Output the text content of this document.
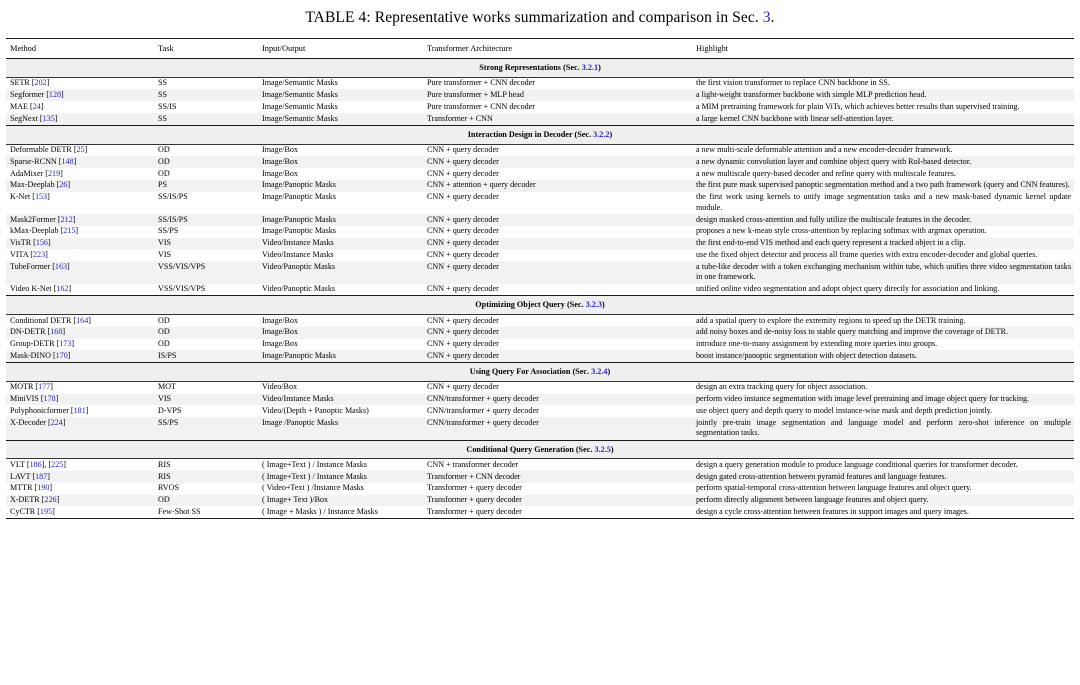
TABLE 4: Representative works summarization and comparison in Sec. 3.

Method	Task	Input/Output	Transformer Architecture	Highlight

Strong Representations (Sec. 3.2.1)				

SETR [202]	SS	Image/Semantic Masks	Pure transformer + CNN decoder	the first vision transformer to replace CNN backbone in SS.
Segformer [128]	SS	Image/Semantic Masks	Pure transformer + MLP head	a light-weight transformer backbone with simple MLP prediction head.
MAE [24]	SS/IS	Image/Semantic Masks	Pure transformer + CNN decoder	a MIM pretraining framework for plain ViTs, which achieves better results than supervised training.
SegNext [135]	SS	Image/Semantic Masks	Transformer + CNN	a large kernel CNN backbone with linear self-attention layer.

Interaction Design in Decoder (Sec. 3.2.2)				

Deformable DETR [25]	OD	Image/Box	CNN + query decoder	a new multi-scale deformable attention and a new encoder-decoder framework.
Sparse-RCNN [148]	OD	Image/Box	CNN + query decoder	a new dynamic convolution layer and combine object query with RoI-based detector.
AdaMixer [219]	OD	Image/Box	CNN + query decoder	a new multiscale query-based decoder and refine query with multiscale features.
Max-Deeplab [26]	PS	Image/Panoptic Masks	CNN + attention + query decoder	the first pure mask supervised panoptic segmentation method and a two path framework (query and CNN features).
K-Net [153]	SS/IS/PS	Image/Panoptic Masks	CNN + query decoder	the first work using kernels to unify image segmentation tasks and a new mask-based dynamic kernel update module.
Mask2Former [212]	SS/IS/PS	Image/Panoptic Masks	CNN + query decoder	design masked cross-attention and fully utilize the multiscale features in the decoder.
kMax-Deeplab [215]	SS/PS	Image/Panoptic Masks	CNN + query decoder	proposes a new k-mean style cross-attention by replacing softmax with argmax operation.
VisTR [156]	VIS	Video/Instance Masks	CNN + query decoder	the first end-to-end VIS method and each query represent a tracked object in a clip.
VITA [223]	VIS	Video/Instance Masks	CNN + query decoder	use the fixed object detector and process all frame queries with extra encoder-decoder and global queries.
TubeFormer [163]	VSS/VIS/VPS	Video/Panoptic Masks	CNN + query decoder	a tube-like decoder with a token exchanging mechanism within tube, which unifies three video segmentation tasks in one framework.
Video K-Net [162]	VSS/VIS/VPS	Video/Panoptic Masks	CNN + query decoder	unified online video segmentation and adopt object query directly for association and linking.

Optimizing Object Query (Sec. 3.2.3)				

Conditional DETR [164]	OD	Image/Box	CNN + query decoder	add a spatial query to explore the extremity regions to speed up the DETR training.
DN-DETR [168]	OD	Image/Box	CNN + query decoder	add noisy boxes and de-noisy loss to stable query matching and improve the coverage of DETR.
Group-DETR [173]	OD	Image/Box	CNN + query decoder	introduce one-to-many assignment by extending more queries into groups.
Mask-DINO [170]	IS/PS	Image/Panoptic Masks	CNN + query decoder	boost instance/panoptic segmentation with object detection datasets.

Using Query For Association (Sec. 3.2.4)				

MOTR [177]	MOT	Video/Box	CNN + query decoder	design an extra tracking query for object association.
MiniVIS [178]	VIS	Video/Instance Masks	CNN/transformer + query decoder	perform video instance segmentation with image level pretraining and image object query for tracking.
Polyphonicformer [181]	D-VPS	Video/(Depth + Panoptic Masks)	CNN/transformer + query decoder	use object query and depth query to model instance-wise mask and depth prediction jointly.
X-Decoder [224]	SS/PS	Image /Panoptic Masks	CNN/transformer + query decoder	jointly pre-train image segmentation and language model and perform zero-shot inference on multiple segmentation tasks.

Conditional Query Generation (Sec. 3.2.5)				

VLT [186], [225]	RIS	( Image+Text ) / Instance Masks	CNN + transformer decoder	design a query generation module to produce language conditional queries for transformer decoder.
LAVT [187]	RIS	( Image+Text ) / Instance Masks	Transformer + CNN decoder	design gated cross-attention between pyramid features and language features.
MTTR [190]	RVOS	( Video+Text ) /Instance Masks	Transformer + query decoder	perform spatial-temporal cross-attention between language features and object query.
X-DETR [226]	OD	( Image+ Text )/Box	Transformer + query decoder	perform directly alignment between language features and object query.
CyCTR [195]	Few-Shot SS	( Image + Masks ) / Instance Masks	Transformer + query decoder	design a cycle cross-attention between features in support images and query images.
